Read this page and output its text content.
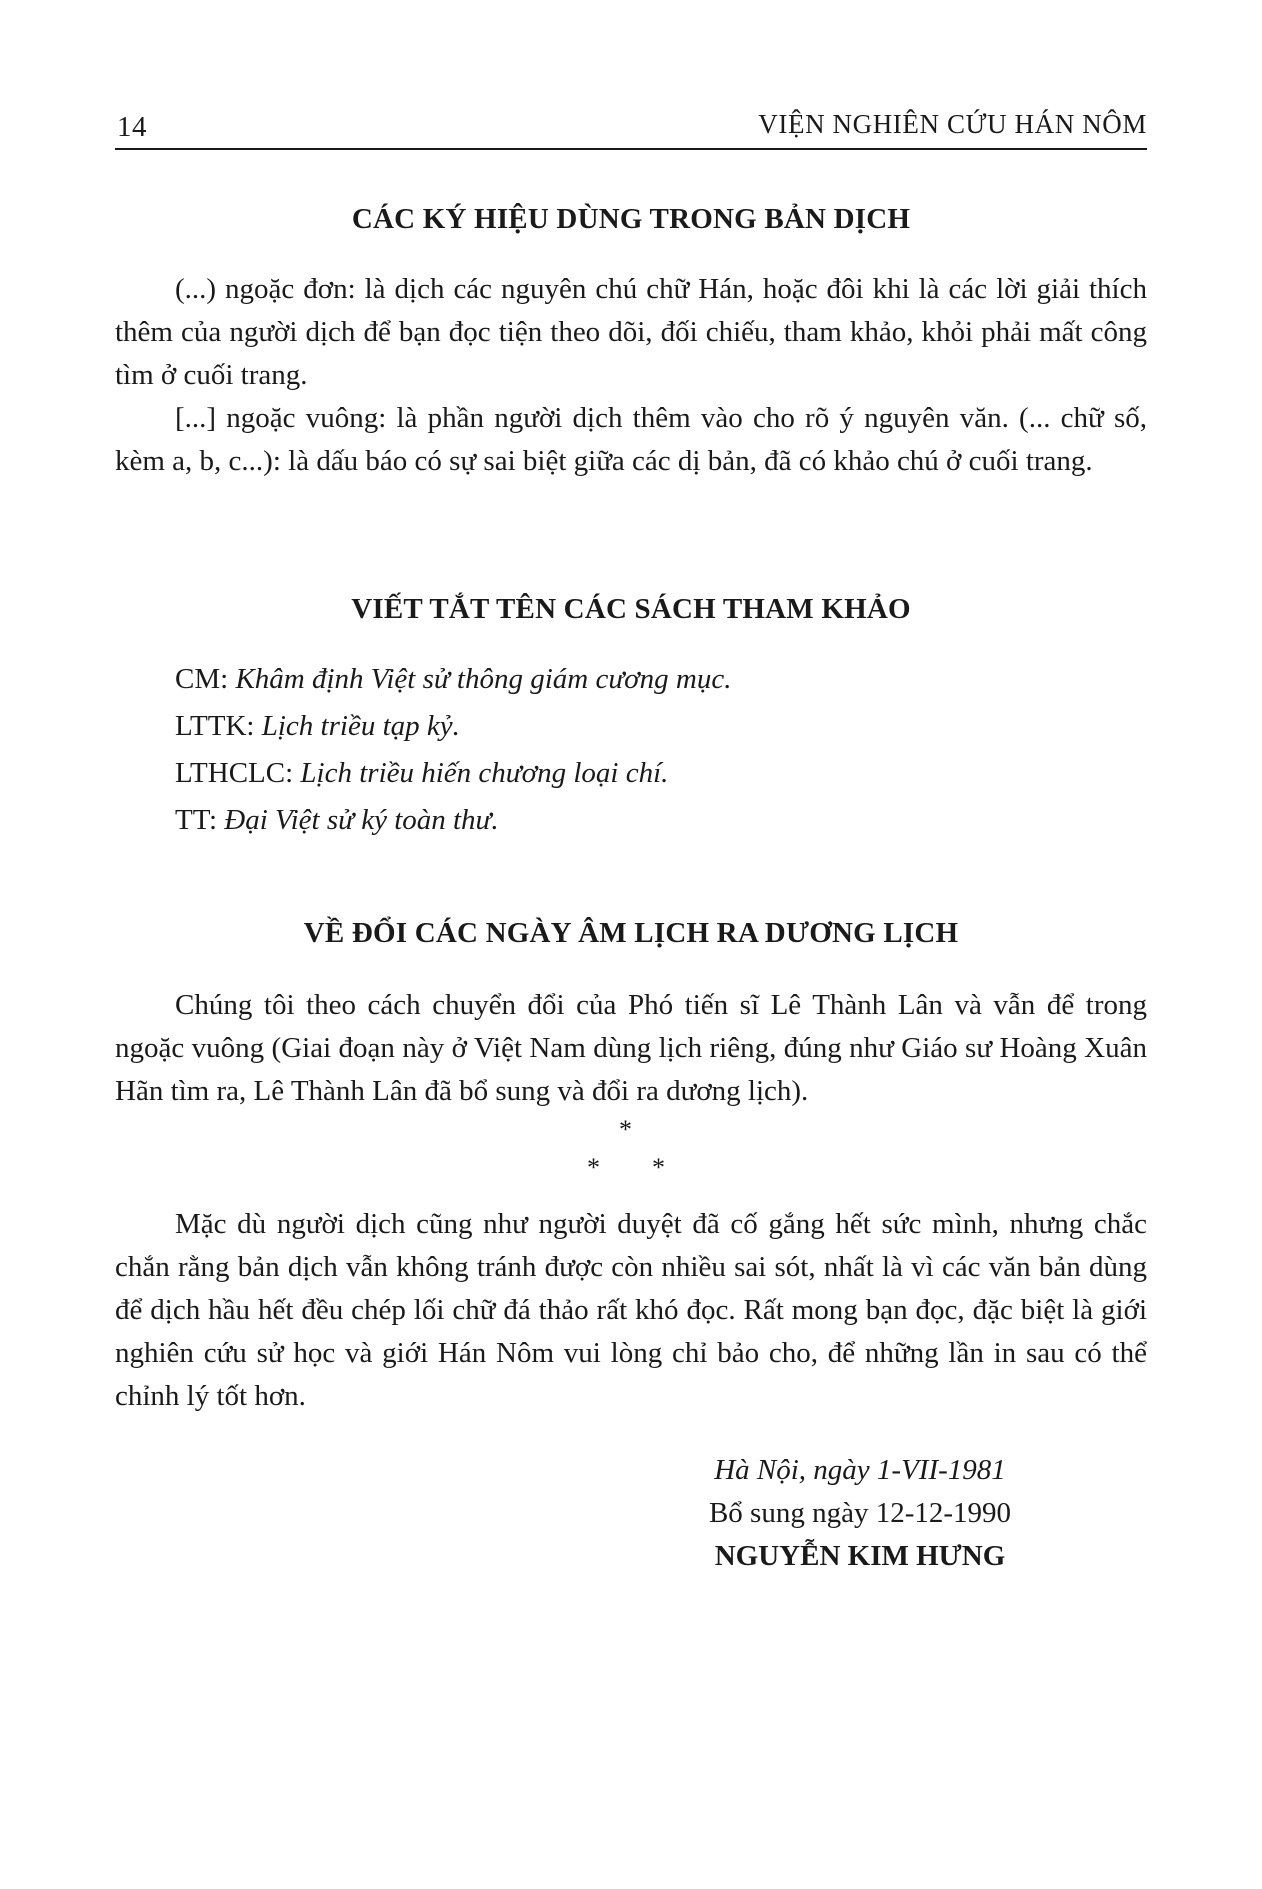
14	VIỆN NGHIÊN CỨU HÁN NÔM
CÁC KÝ HIỆU DÙNG TRONG BẢN DỊCH

(...) ngoặc đơn: là dịch các nguyên chú chữ Hán, hoặc đôi khi là các lời giải thích thêm của người dịch để bạn đọc tiện theo dõi, đối chiếu, tham khảo, khỏi phải mất công tìm ở cuối trang.

[...] ngoặc vuông: là phần người dịch thêm vào cho rõ ý nguyên văn. (... chữ số, kèm a, b, c...): là dấu báo có sự sai biệt giữa các dị bản, đã có khảo chú ở cuối trang.

VIẾT TẮT TÊN CÁC SÁCH THAM KHẢO
CM: Khâm định Việt sử thông giám cương mục.
LTTK: Lịch triều tạp kỷ.
LTHCLC: Lịch triều hiến chương loại chí.
TT: Đại Việt sử ký toàn thư.
VỀ ĐỔI CÁC NGÀY ÂM LỊCH RA DƯƠNG LỊCH

Chúng tôi theo cách chuyển đổi của Phó tiến sĩ Lê Thành Lân và vẫn để trong ngoặc vuông (Giai đoạn này ở Việt Nam dùng lịch riêng, đúng như Giáo sư Hoàng Xuân Hãn tìm ra, Lê Thành Lân đã bổ sung và đổi ra dương lịch).

*
* *

Mặc dù người dịch cũng như người duyệt đã cố gắng hết sức mình, nhưng chắc chắn rằng bản dịch vẫn không tránh được còn nhiều sai sót, nhất là vì các văn bản dùng để dịch hầu hết đều chép lối chữ đá thảo rất khó đọc. Rất mong bạn đọc, đặc biệt là giới nghiên cứu sử học và giới Hán Nôm vui lòng chỉ bảo cho, để những lần in sau có thể chỉnh lý tốt hơn.

Hà Nội, ngày 1-VII-1981
Bổ sung ngày 12-12-1990
NGUYỄN KIM HƯNG
